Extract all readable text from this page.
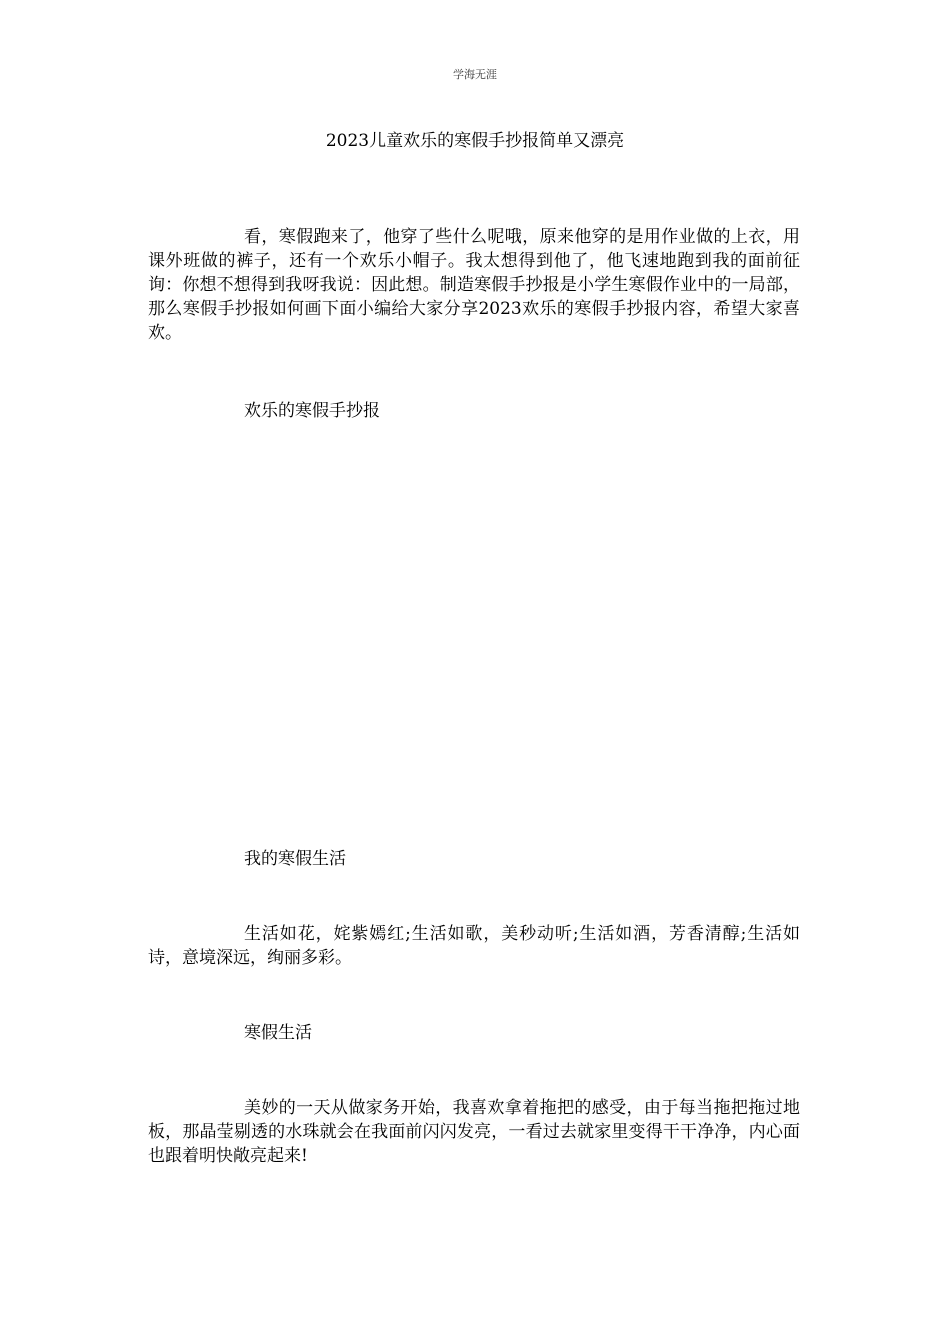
学海无涯
2023儿童欢乐的寒假手抄报简单又漂亮

看，寒假跑来了，他穿了些什么呢哦，原来他穿的是用作业做的上衣，用课外班做的裤子，还有一个欢乐小帽子。我太想得到他了，他飞速地跑到我的面前征询：你想不想得到我呀我说：因此想。制造寒假手抄报是小学生寒假作业中的一局部，那么寒假手抄报如何画下面小编给大家分享2023欢乐的寒假手抄报内容，希望大家喜欢。

欢乐的寒假手抄报

我的寒假生活

生活如花，姹紫嫣红;生活如歌，美秒动听;生活如酒，芳香清醇;生活如诗，意境深远，绚丽多彩。

寒假生活

美妙的一天从做家务开始，我喜欢拿着拖把的感受，由于每当拖把拖过地板，那晶莹剔透的水珠就会在我面前闪闪发亮，一看过去就家里变得干干净净，内心面也跟着明快敞亮起来!
